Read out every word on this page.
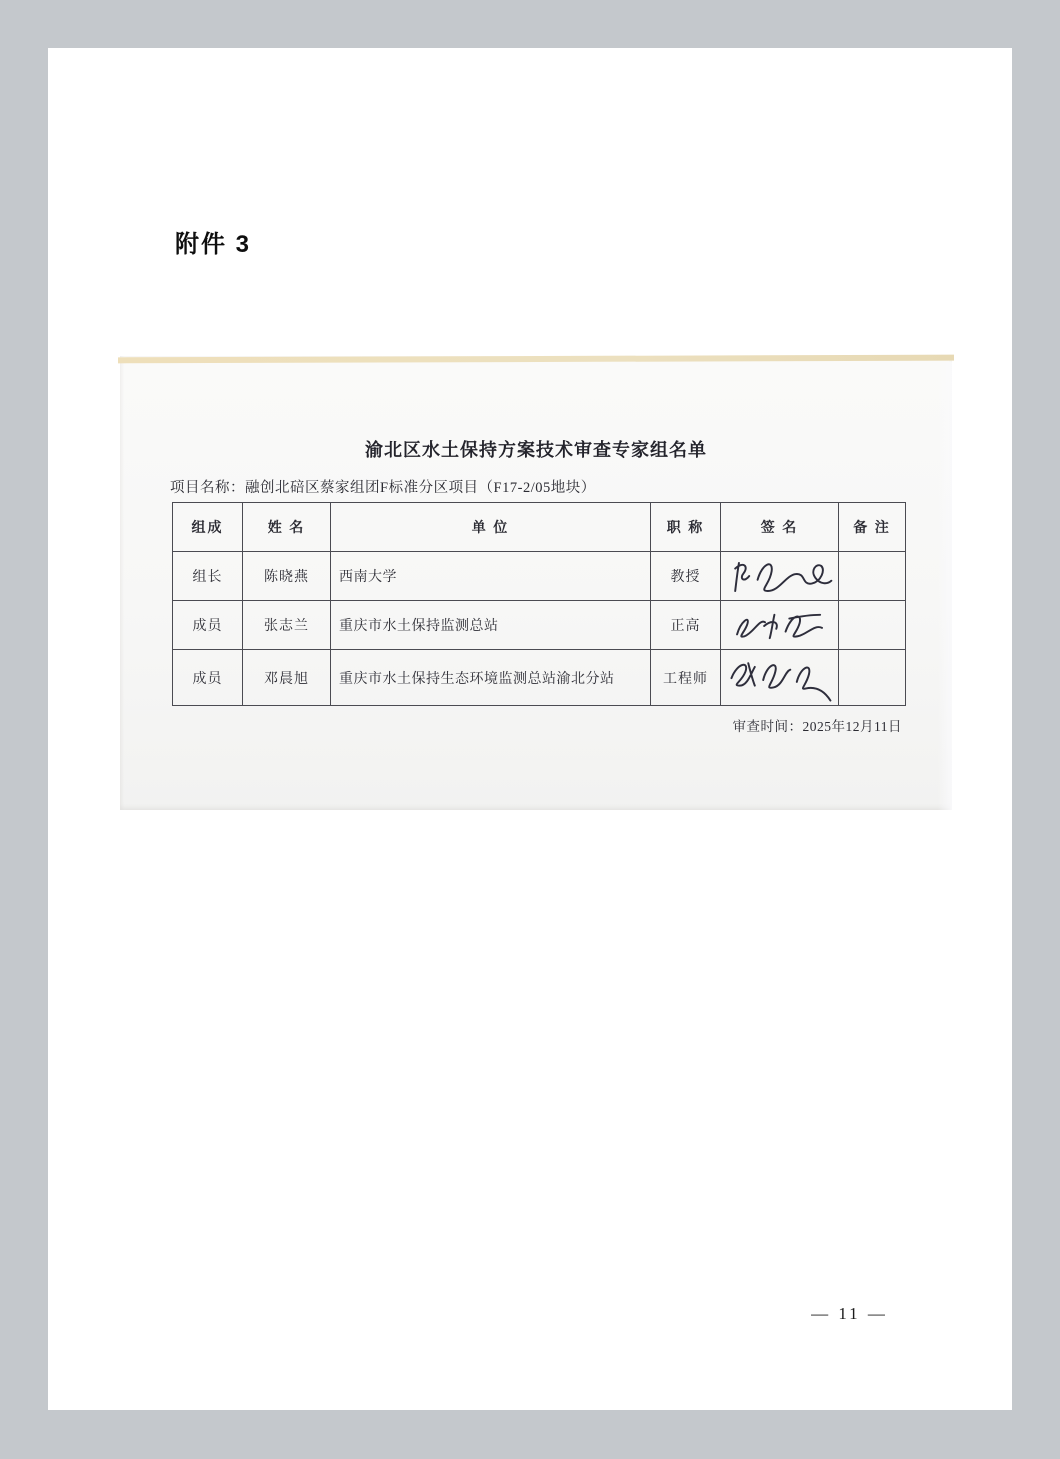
附件 3
渝北区水土保持方案技术审查专家组名单
项目名称：融创北碚区蔡家组团F标准分区项目（F17-2/05地块）
组成	姓 名	单 位	职 称	签 名	备 注
组长	陈晓燕	西南大学	教授	

成员	张志兰	重庆市水土保持监测总站	正高	

成员	邓晨旭	重庆市水土保持生态环境监测总站渝北分站	工程师	

审查时间：2025年12月11日
— 11 —
